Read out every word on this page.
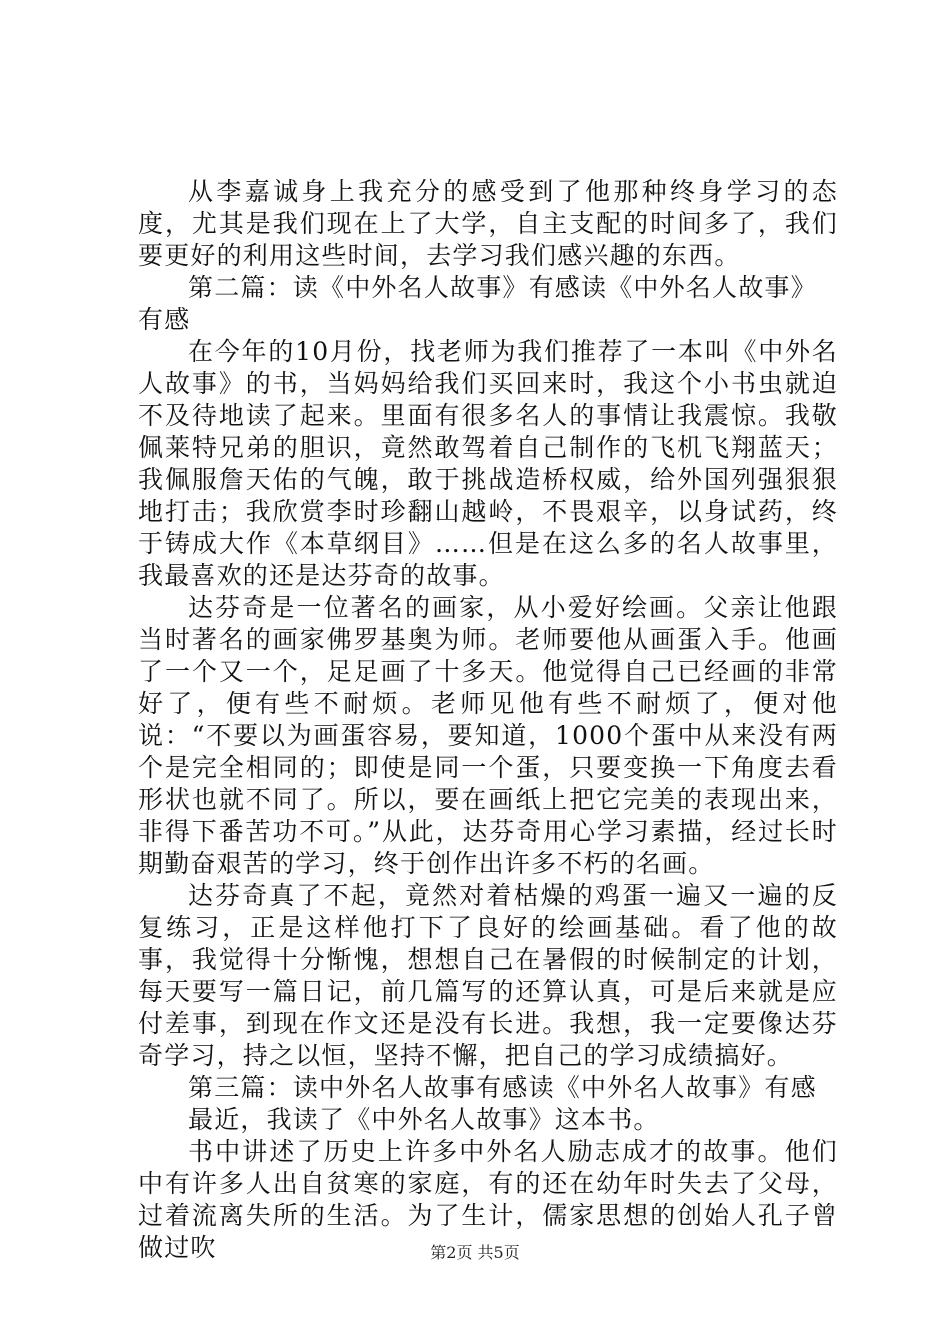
从李嘉诚身上我充分的感受到了他那种终身学习的态度，尤其是我们现在上了大学，自主支配的时间多了，我们要更好的利用这些时间，去学习我们感兴趣的东西。

第二篇：读《中外名人故事》有感读《中外名人故事》有感

在今年的10月份，找老师为我们推荐了一本叫《中外名人故事》的书，当妈妈给我们买回来时，我这个小书虫就迫不及待地读了起来。里面有很多名人的事情让我震惊。我敬佩莱特兄弟的胆识，竟然敢驾着自己制作的飞机飞翔蓝天；我佩服詹天佑的气魄，敢于挑战造桥权威，给外国列强狠狠地打击；我欣赏李时珍翻山越岭，不畏艰辛，以身试药，终于铸成大作《本草纲目》……但是在这么多的名人故事里，我最喜欢的还是达芬奇的故事。

达芬奇是一位著名的画家，从小爱好绘画。父亲让他跟当时著名的画家佛罗基奥为师。老师要他从画蛋入手。他画了一个又一个，足足画了十多天。他觉得自己已经画的非常好了，便有些不耐烦。老师见他有些不耐烦了，便对他说：“不要以为画蛋容易，要知道，1000个蛋中从来没有两个是完全相同的；即使是同一个蛋，只要变换一下角度去看形状也就不同了。所以，要在画纸上把它完美的表现出来，非得下番苦功不可。”从此，达芬奇用心学习素描，经过长时期勤奋艰苦的学习，终于创作出许多不朽的名画。

达芬奇真了不起，竟然对着枯燥的鸡蛋一遍又一遍的反复练习，正是这样他打下了良好的绘画基础。看了他的故事，我觉得十分惭愧，想想自己在暑假的时候制定的计划，每天要写一篇日记，前几篇写的还算认真，可是后来就是应付差事，到现在作文还是没有长进。我想，我一定要像达芬奇学习，持之以恒，坚持不懈，把自己的学习成绩搞好。

第三篇：读中外名人故事有感读《中外名人故事》有感

最近，我读了《中外名人故事》这本书。

书中讲述了历史上许多中外名人励志成才的故事。他们中有许多人出自贫寒的家庭，有的还在幼年时失去了父母，过着流离失所的生活。为了生计，儒家思想的创始人孔子曾做过吹	第2页 共5页
